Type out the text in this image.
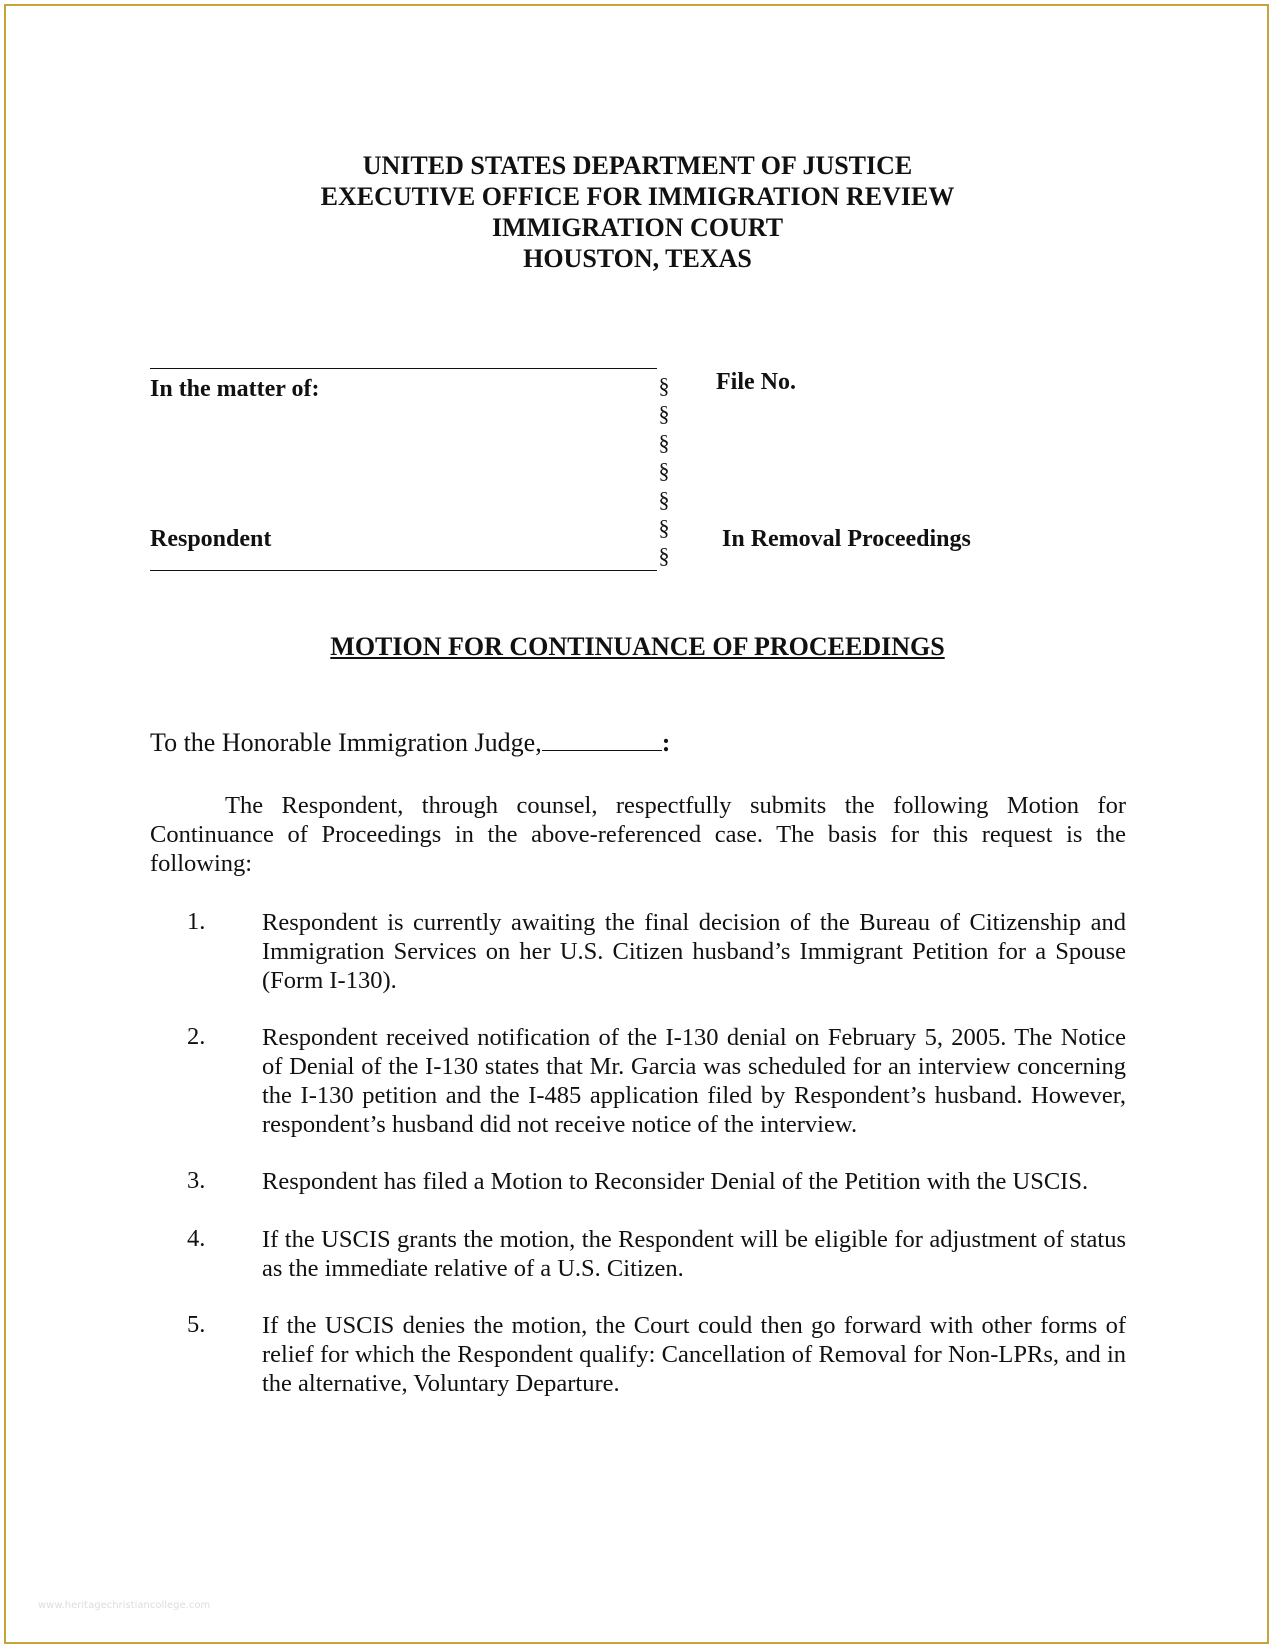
UNITED STATES DEPARTMENT OF JUSTICE
EXECUTIVE OFFICE FOR IMMIGRATION REVIEW
IMMIGRATION COURT
HOUSTON, TEXAS
In the matter of:	File No.
Respondent	In Removal Proceedings
§
§
§
§
§
§
§
MOTION FOR CONTINUANCE OF PROCEEDINGS
To the Honorable Immigration Judge,	:

The Respondent, through counsel, respectfully submits the following Motion for Continuance of Proceedings in the above-referenced case. The basis for this request is the following:

1. Respondent is currently awaiting the final decision of the Bureau of Citizenship and Immigration Services on her U.S. Citizen husband’s Immigrant Petition for a Spouse (Form I-130).

2. Respondent received notification of the I-130 denial on February 5, 2005. The Notice of Denial of the I-130 states that Mr. Garcia was scheduled for an interview concerning the I-130 petition and the I-485 application filed by Respondent’s husband. However, respondent’s husband did not receive notice of the interview.

3. Respondent has filed a Motion to Reconsider Denial of the Petition with the USCIS.

4. If the USCIS grants the motion, the Respondent will be eligible for adjustment of status as the immediate relative of a U.S. Citizen.

5. If the USCIS denies the motion, the Court could then go forward with other forms of relief for which the Respondent qualify: Cancellation of Removal for Non-LPRs, and in the alternative, Voluntary Departure.

www.heritagechristiancollege.com
